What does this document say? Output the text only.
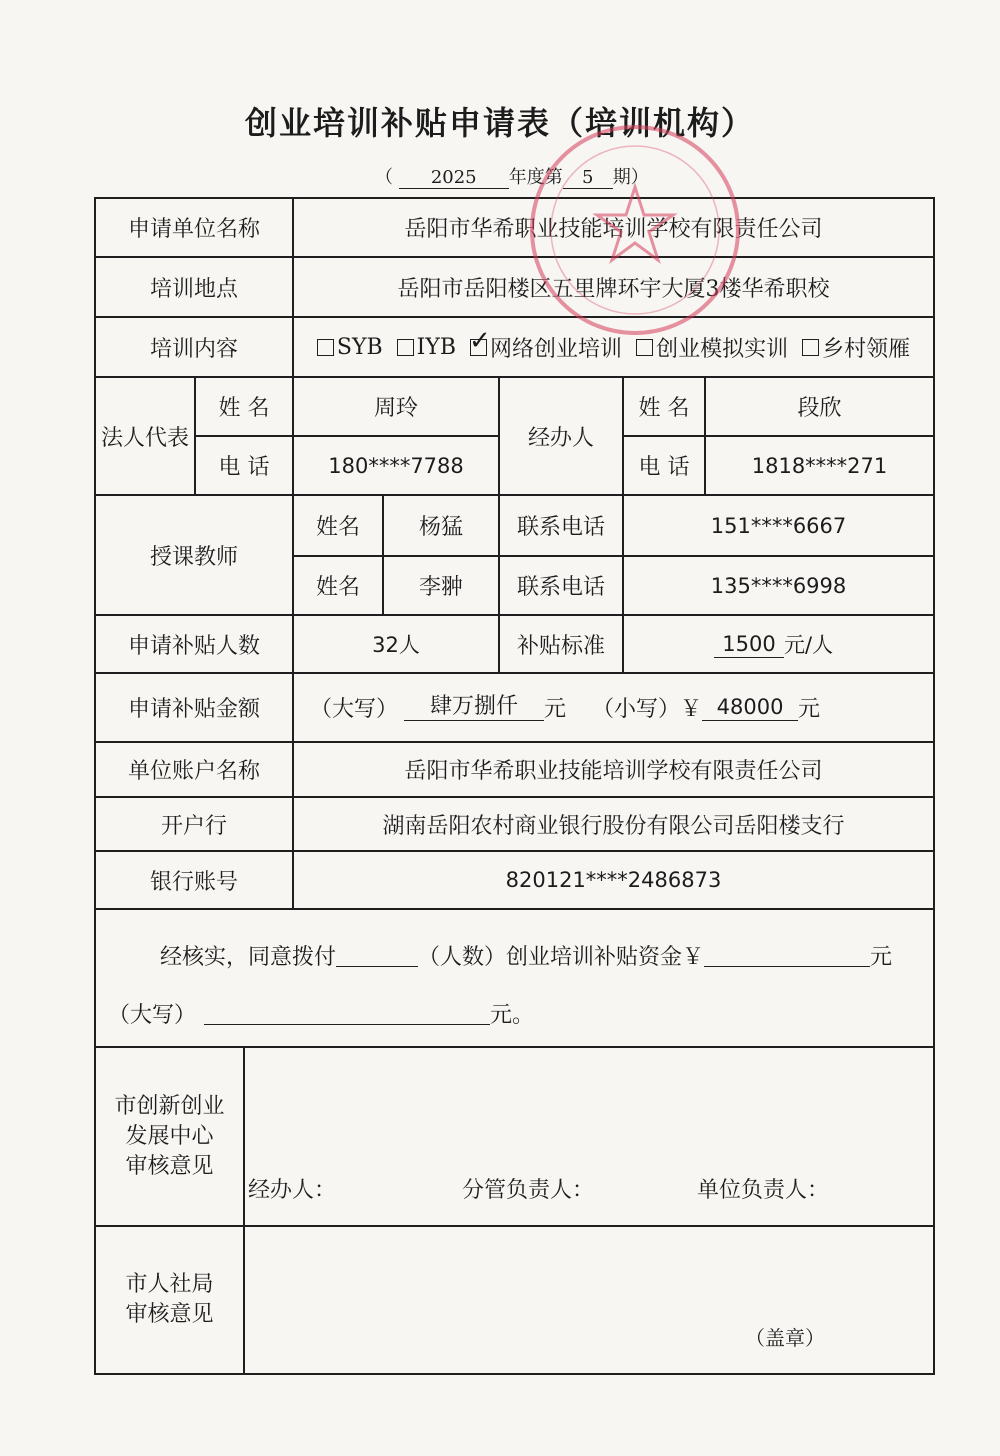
创业培训补贴申请表（培训机构）
（ 2025 年度第 5 期）
申请单位名称	岳阳市华希职业技能培训学校有限责任公司
培训地点	岳阳市岳阳楼区五里牌环宇大厦3楼华希职校
培训内容	SYB IYB ✓ 网络创业培训 创业模拟实训 乡村领雁
法人代表
姓 名	周玲
电 话	180****7788
经办人
姓 名	段欣
电 话	1818****271
授课教师
姓名	杨猛	联系电话	151****6667
姓名	李翀	联系电话	135****6998
申请补贴人数	32人	补贴标准	1500 元/人
申请补贴金额	（大写）	肆万捌仟	元 （小写）￥ 48000 元
单位账户名称	岳阳市华希职业技能培训学校有限责任公司
开户行	湖南岳阳农村商业银行股份有限公司岳阳楼支行
银行账号	820121****2486873
经核实，同意拨付	（人数）创业培训补贴资金￥	元
（大写）	元。
市创新创业
发展中心
审核意见
经办人：	分管负责人：	单位负责人：
市人社局
审核意见
（盖章）
